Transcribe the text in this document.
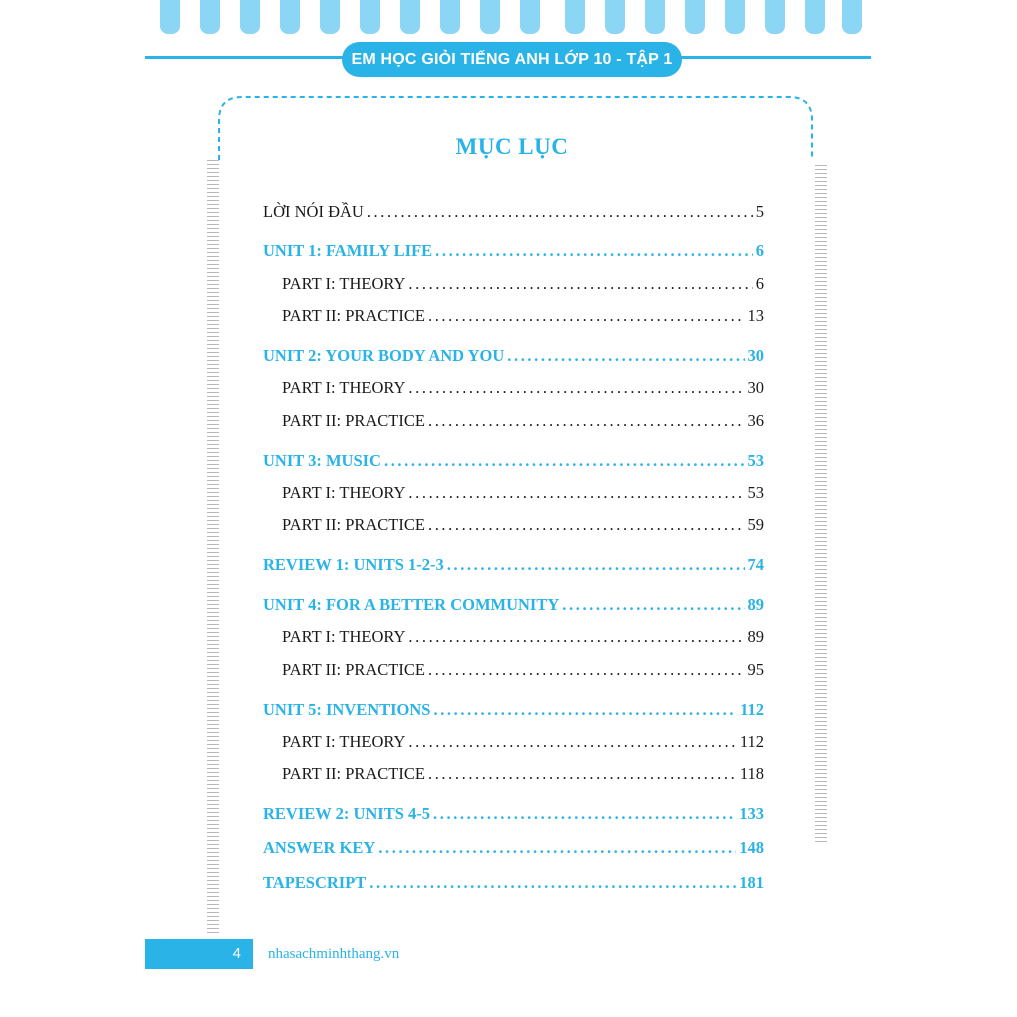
EM HỌC GIỎI TIẾNG ANH LỚP 10 - TẬP 1
MỤC LỤC
LỜI NÓI ĐẦU .....	5
UNIT 1: FAMILY LIFE .....	6
PART I: THEORY .....	6
PART II: PRACTICE .....	13
UNIT 2: YOUR BODY AND YOU .....	30
PART I: THEORY .....	30
PART II: PRACTICE .....	36
UNIT 3: MUSIC .....	53
PART I: THEORY .....	53
PART II: PRACTICE .....	59
REVIEW 1: UNITS 1-2-3 .....	74
UNIT 4: FOR A BETTER COMMUNITY .....	89
PART I: THEORY .....	89
PART II: PRACTICE .....	95
UNIT 5: INVENTIONS .....	112
PART I: THEORY .....	112
PART II: PRACTICE .....	118
REVIEW 2: UNITS 4-5 .....	133
ANSWER KEY .....	148
TAPESCRIPT .....	181
4 nhasachminhthang.vn
